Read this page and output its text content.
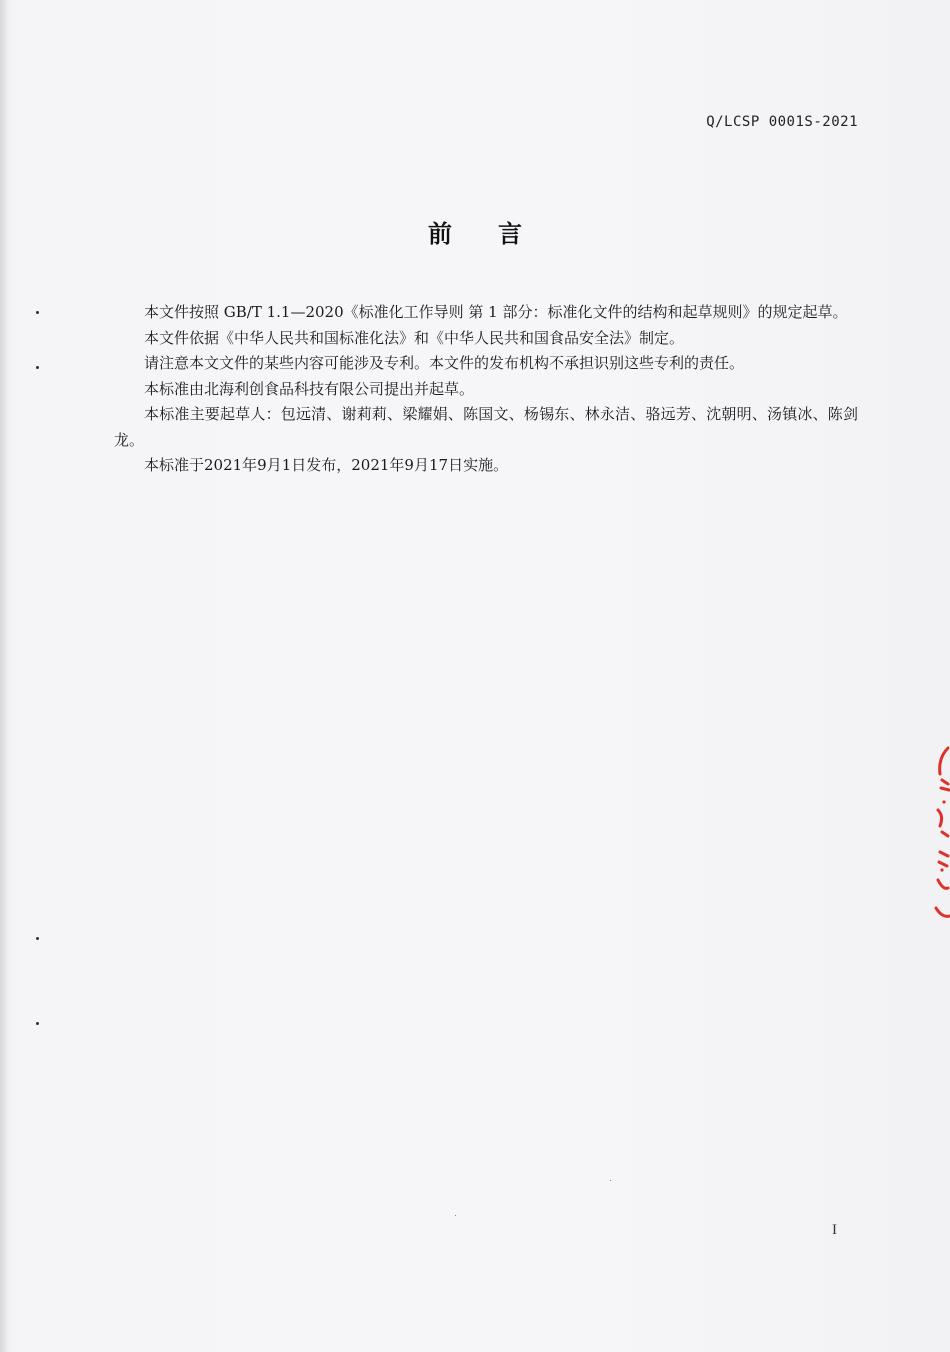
Q/LCSP 0001S-2021
前言

本文件按照 GB/T 1.1—2020《标准化工作导则 第 1 部分：标准化文件的结构和起草规则》的规定起草。

本文件依据《中华人民共和国标准化法》和《中华人民共和国食品安全法》制定。

请注意本文文件的某些内容可能涉及专利。本文件的发布机构不承担识别这些专利的责任。

本标准由北海利创食品科技有限公司提出并起草。

本标准主要起草人：包远清、谢莉莉、梁耀娟、陈国文、杨锡东、林永洁、骆远芳、沈朝明、汤镇冰、陈剑龙。

本标准于2021年9月1日发布，2021年9月17日实施。

I
